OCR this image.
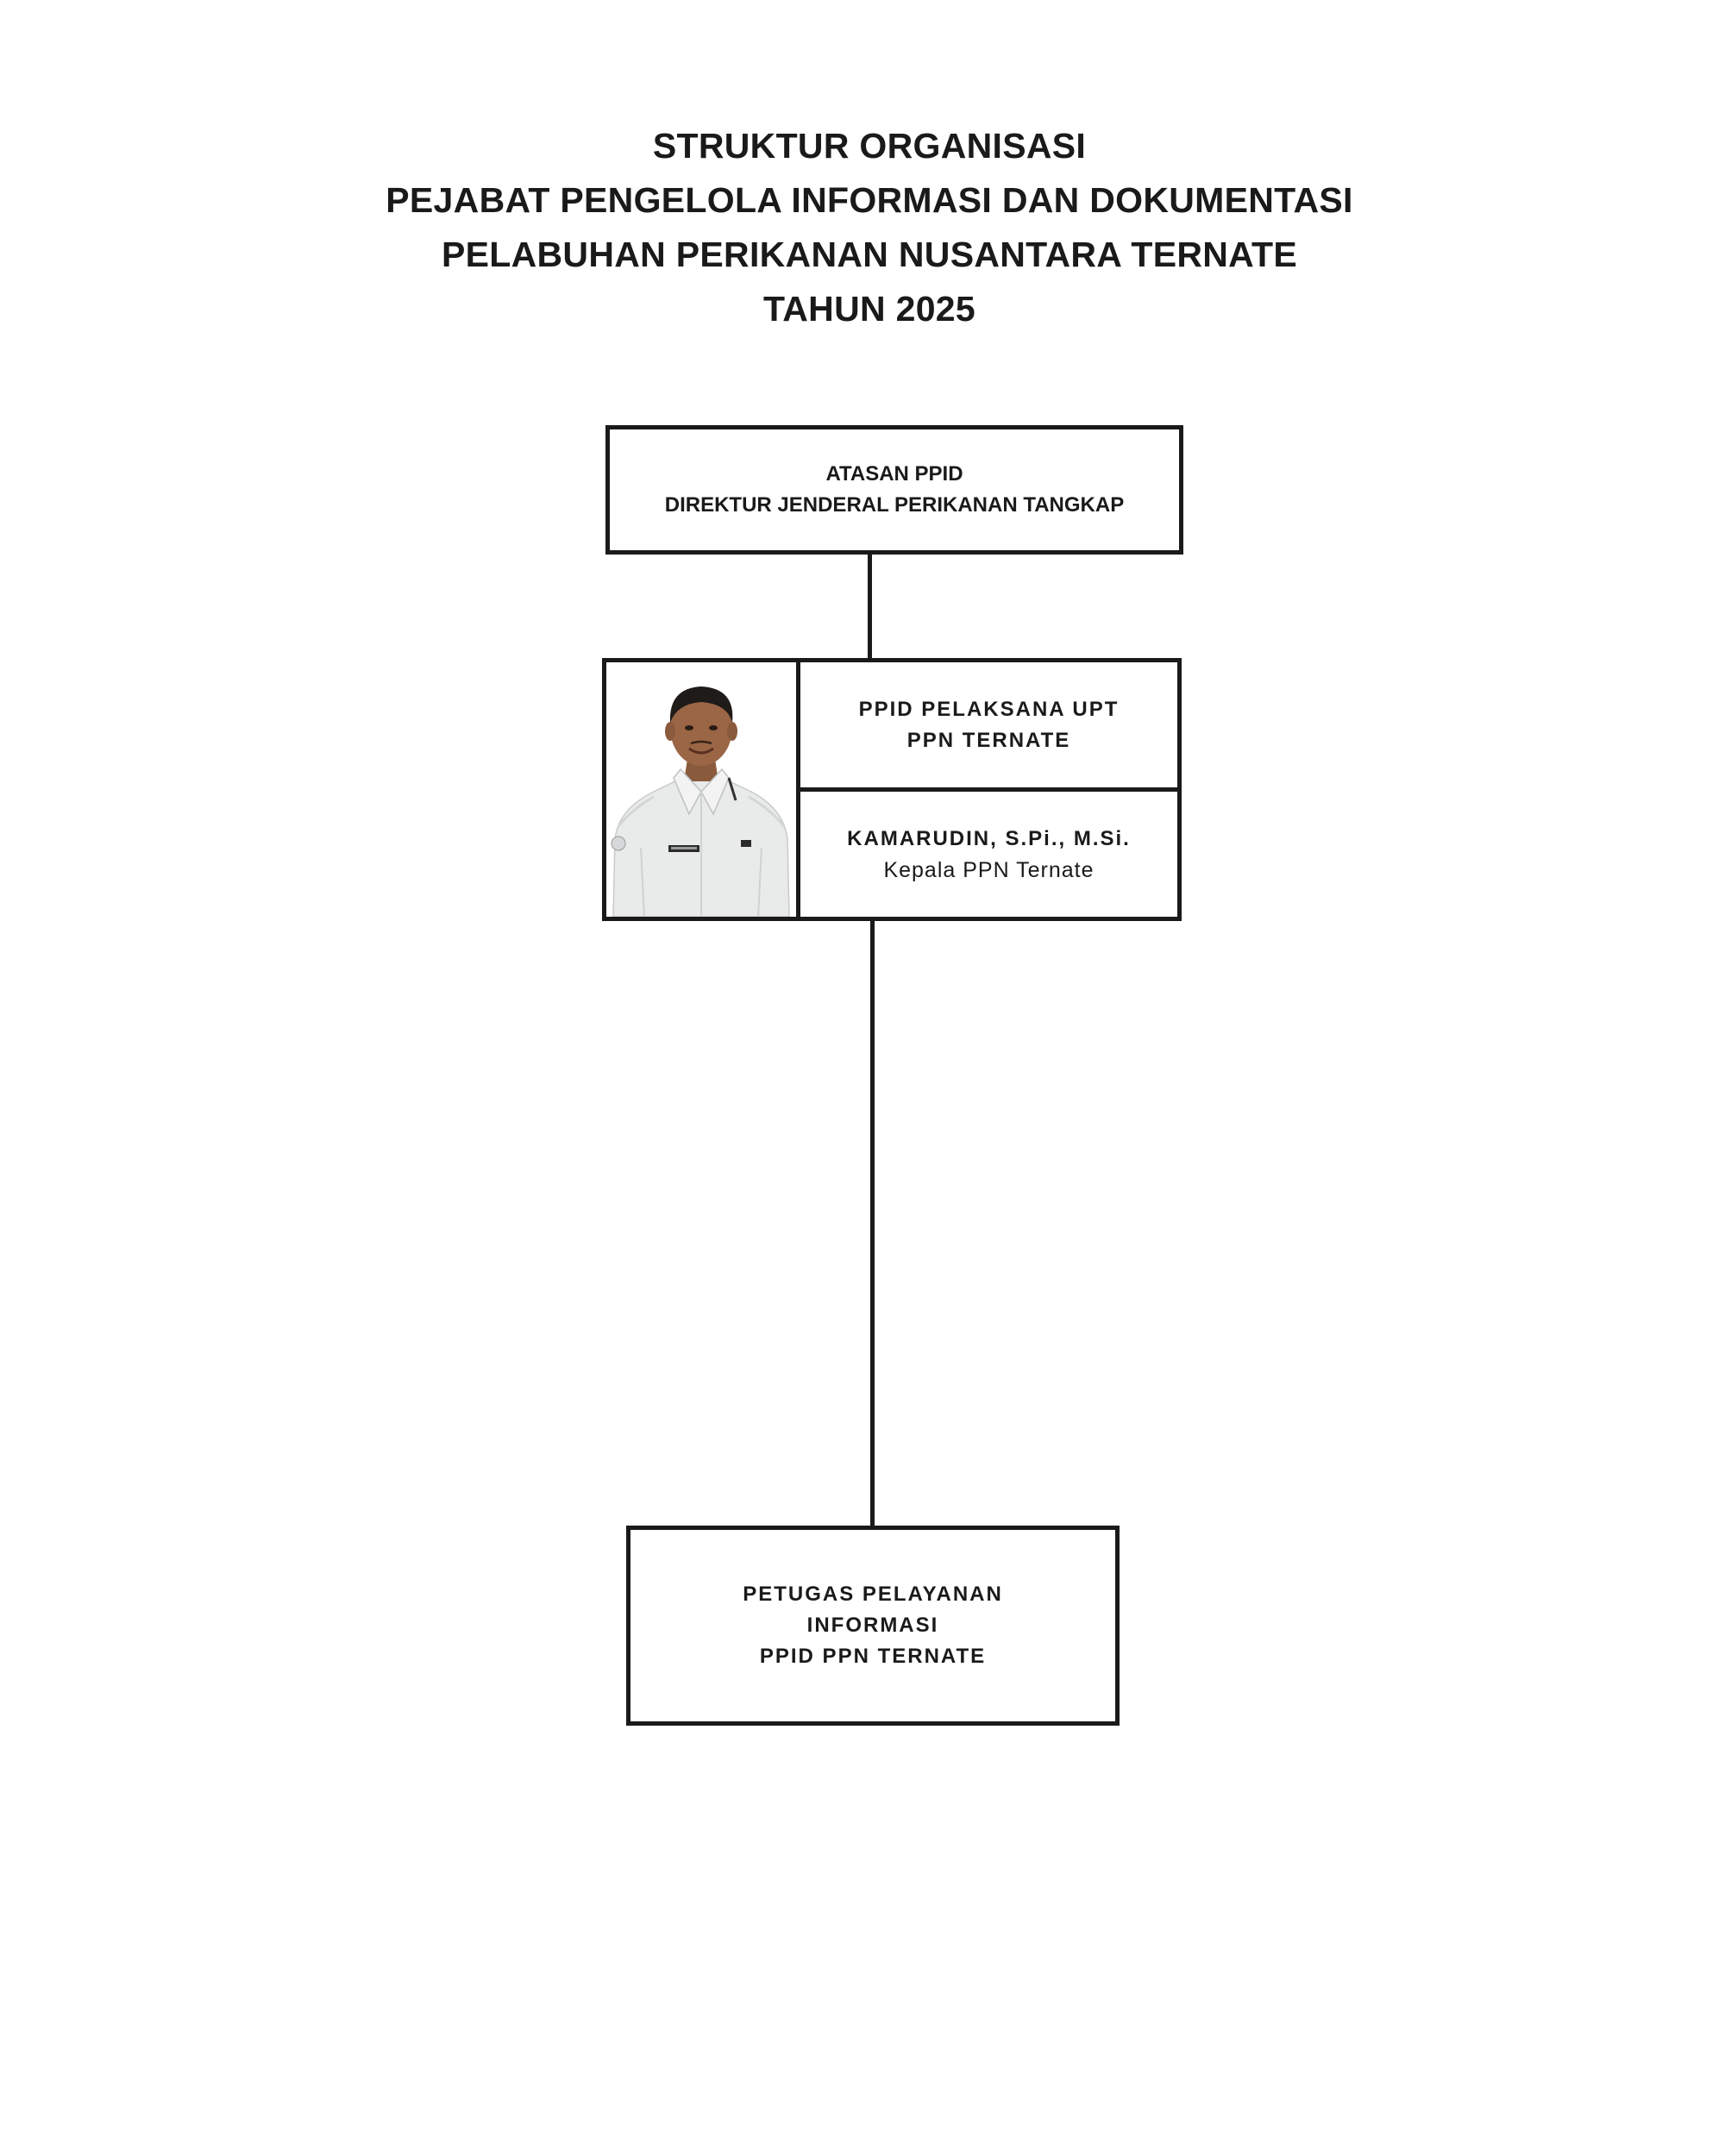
STRUKTUR ORGANISASI
PEJABAT PENGELOLA INFORMASI DAN DOKUMENTASI
PELABUHAN PERIKANAN NUSANTARA TERNATE
TAHUN 2025
ATASAN PPID
DIREKTUR JENDERAL PERIKANAN TANGKAP
PPID PELAKSANA UPT
PPN TERNATE
KAMARUDIN, S.Pi., M.Si.
Kepala PPN Ternate
PETUGAS PELAYANAN
INFORMASI
PPID PPN TERNATE
